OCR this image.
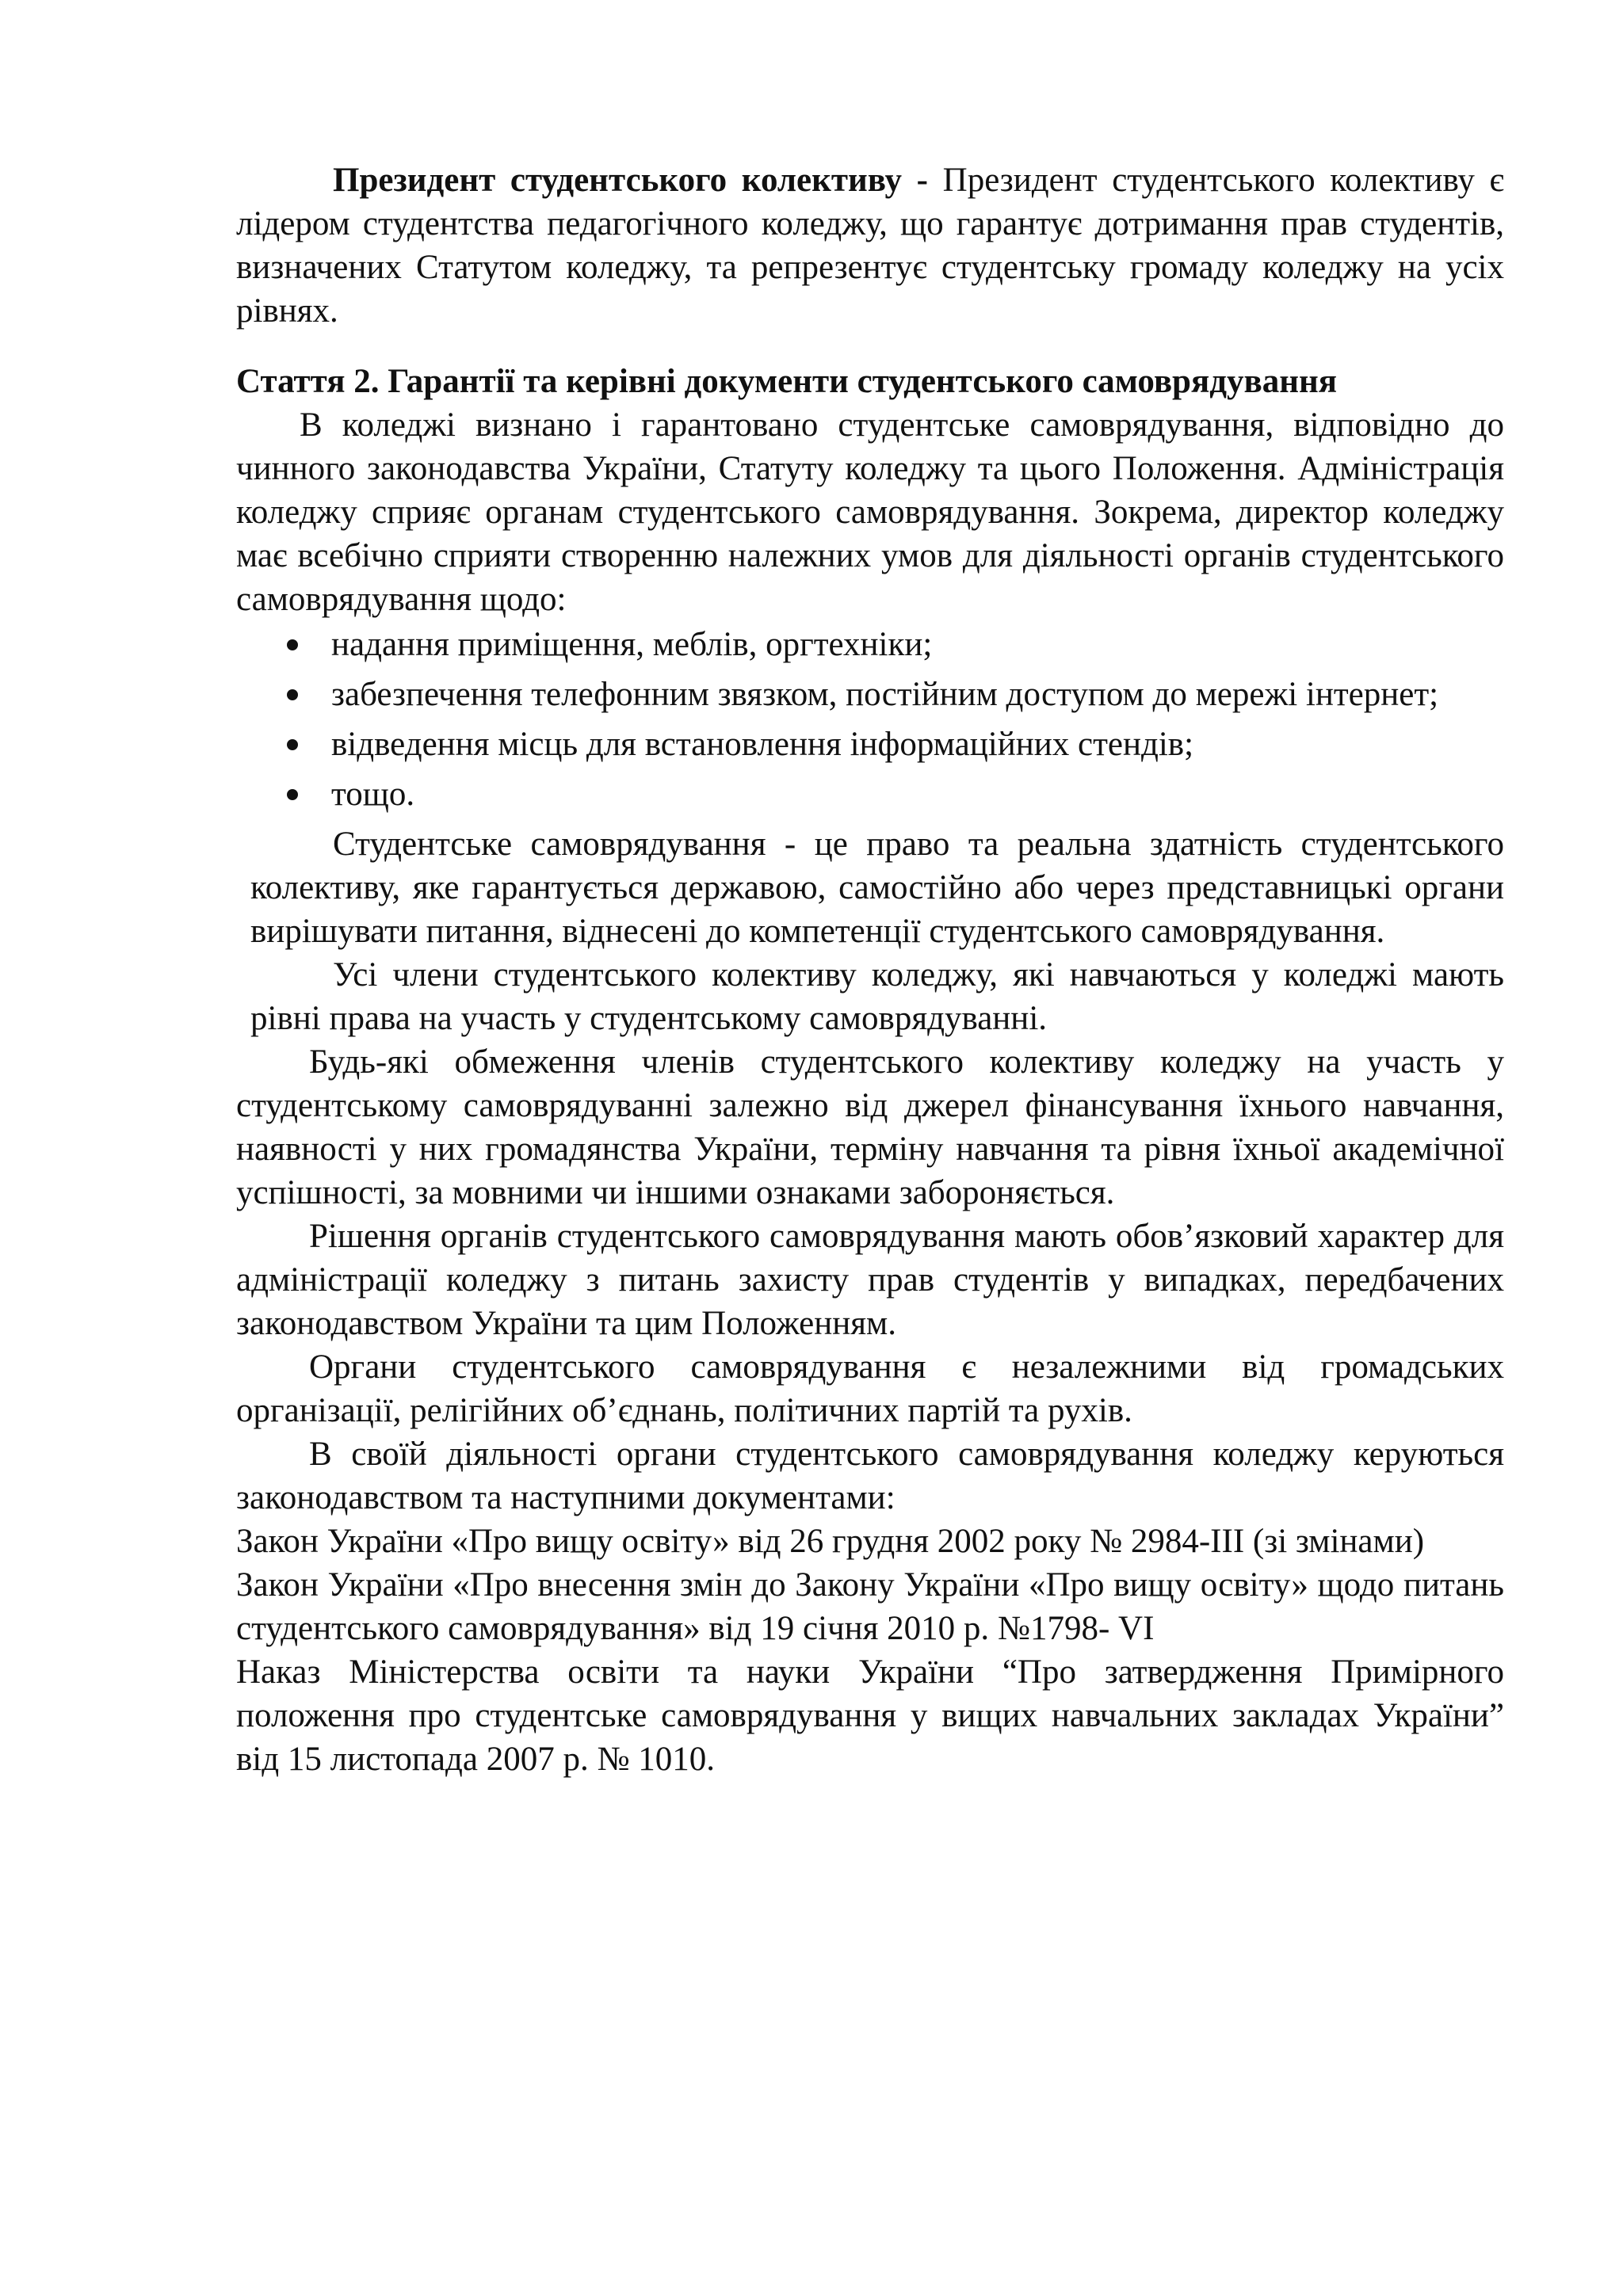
Президент студентського колективу - Президент студентського колективу є лідером студентства педагогічного коледжу, що гарантує дотримання прав студентів, визначених Статутом коледжу, та репрезентує студентську громаду коледжу на усіх рівнях.

Стаття 2. Гарантії та керівні документи студентського самоврядування

В коледжі визнано і гарантовано студентське самоврядування, відповідно до чинного законодавства України, Статуту коледжу та цього Положення. Адміністрація коледжу сприяє органам студентського самоврядування. Зокрема, директор коледжу має всебічно сприяти створенню належних умов для діяльності органів студентського самоврядування щодо:

надання приміщення, меблів, оргтехніки;
забезпечення телефонним звязком, постійним доступом до мережі інтернет;
відведення місць для встановлення інформаційних стендів;
тощо.

Студентське самоврядування - це право та реальна здатність студентського колективу, яке гарантується державою, самостійно або через представницькі органи вирішувати питання, віднесені до компетенції студентського самоврядування.

Усі члени студентського колективу коледжу, які навчаються у коледжі мають рівні права на участь у студентському самоврядуванні.

Будь-які обмеження членів студентського колективу коледжу на участь у студентському самоврядуванні залежно від джерел фінансування їхнього навчання, наявності у них громадянства України, терміну навчання та рівня їхньої академічної успішності, за мовними чи іншими ознаками забороняється.

Рішення органів студентського самоврядування мають обов’язковий характер для адміністрації коледжу з питань захисту прав студентів у випадках, передбачених законодавством України та цим Положенням.

Органи студентського самоврядування є незалежними від громадських організації, релігійних об’єднань, політичних партій та рухів.

В своїй діяльності органи студентського самоврядування коледжу керуються законодавством та наступними документами:

Закон України «Про вищу освіту» від 26 грудня 2002 року № 2984-ІІІ (зі змінами)

Закон України «Про внесення змін до Закону України «Про вищу освіту» щодо питань студентського самоврядування» від 19 січня 2010 р. №1798- VI

Наказ Міністерства освіти та науки України “Про затвердження Примірного положення про студентське самоврядування у вищих навчальних закладах України” від 15 листопада 2007 р. № 1010.
